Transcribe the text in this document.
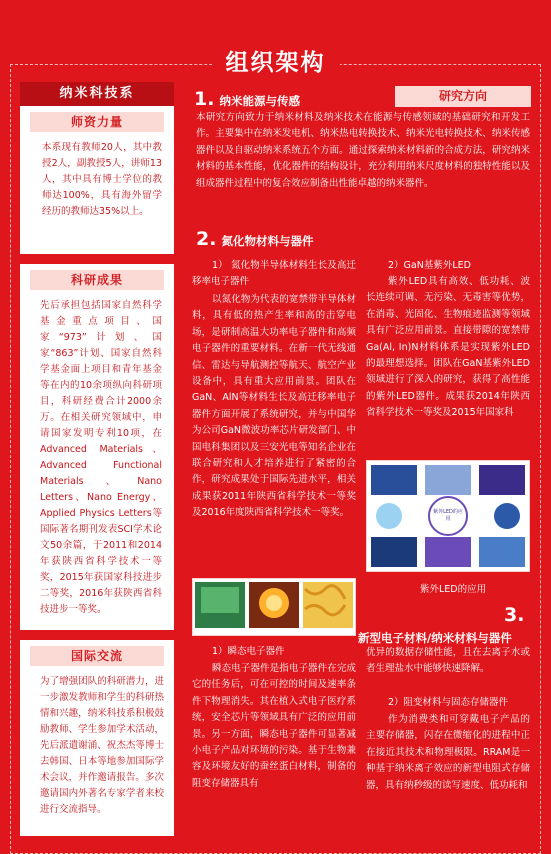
组织架构
纳米科技系
师资力量

本系现有教师20人，其中教授2人，副教授5人，讲师13人，其中具有博士学位的教师达100%，具有海外留学经历的教师达35%以上。

科研成果

先后承担包括国家自然科学基金重点项目、国家“973”计划、国家“863”计划、国家自然科学基金面上项目和青年基金等在内的10余项纵向科研项目，科研经费合计2000余万。在相关研究领域中，申请国家发明专利10项，在Advanced Materials、Advanced Functional Materials、Nano Letters、Nano Energy、Applied Physics Letters等国际著名期刊发表SCI学术论文50余篇，于2011和2014年获陕西省科学技术一等奖，2015年获国家科技进步二等奖，2016年获陕西省科技进步一等奖。

国际交流

为了增强团队的科研潜力，进一步激发教师和学生的科研热情和兴趣，纳米科技系积极鼓励教师、学生参加学术活动，先后派遣谢涌、祝杰杰等博士去韩国、日本等地参加国际学术会议，并作邀请报告。多次邀请国内外著名专家学者来校进行交流指导。

1. 纳米能源与传感	研究方向

本研究方向致力于纳米材料及纳米技术在能源与传感领域的基础研究和开发工作。主要集中在纳米发电机、纳米热电转换技术、纳米光电转换技术、纳米传感器件以及自驱动纳米系统五个方面。通过探索纳米材料新的合成方法，研究纳米材料的基本性能，优化器件的结构设计，充分利用纳米尺度材料的独特性能以及组成器件过程中的复合效应制备出性能卓越的纳米器件。

2. 氮化物材料与器件

1） 氮化物半导体材料生长及高迁移率电子器件

以氮化物为代表的宽禁带半导体材料，具有低的热产生率和高的击穿电场，是研制高温大功率电子器件和高频电子器件的重要材料。在新一代无线通信、雷达与导航测控等航天、航空产业设备中，具有重大应用前景。团队在GaN、AlN等材料生长及高迁移率电子器件方面开展了系统研究，并与中国华为公司GaN微波功率芯片研发部门、中国电科集团以及三安光电等知名企业在联合研究和人才培养进行了紧密的合作，研究成果处于国际先进水平，相关成果获2011年陕西省科学技术一等奖及2016年度陕西省科学技术一等奖。

2）GaN基紫外LED

紫外LED具有高效、低功耗、波长连续可调、无污染、无毒害等优势，在消毒、光固化、生物痕迹监测等领域具有广泛应用前景。直接带隙的宽禁带Ga(Al, In)N材料体系是实现紫外LED的最理想选择。团队在GaN基紫外LED领域进行了深入的研究，获得了高性能的紫外LED器件。成果获2014年陕西省科学技术一等奖及2015年国家科

紫外LED的应用
紫外LED的应用
3.
新型电子材料/纳米材料与器件

1）瞬态电子器件

瞬态电子器件是指电子器件在完成它的任务后，可在可控的时间及速率条件下物理消失。其在植入式电子医疗系统，安全芯片等领域具有广泛的应用前景。另一方面，瞬态电子器件可显著减小电子产品对环境的污染。基于生物兼容及环境友好的蚕丝蛋白材料，制备的阻变存储器具有

优异的数据存储性能，且在去离子水或者生理盐水中能够快速降解。

2）阻变材料与固态存储器件

作为消费类和可穿戴电子产品的主要存储器，闪存在微缩化的进程中正在接近其技术和物理极限。RRAM是一种基于纳米离子效应的新型电阻式存储器，具有纳秒级的读写速度、低功耗和
